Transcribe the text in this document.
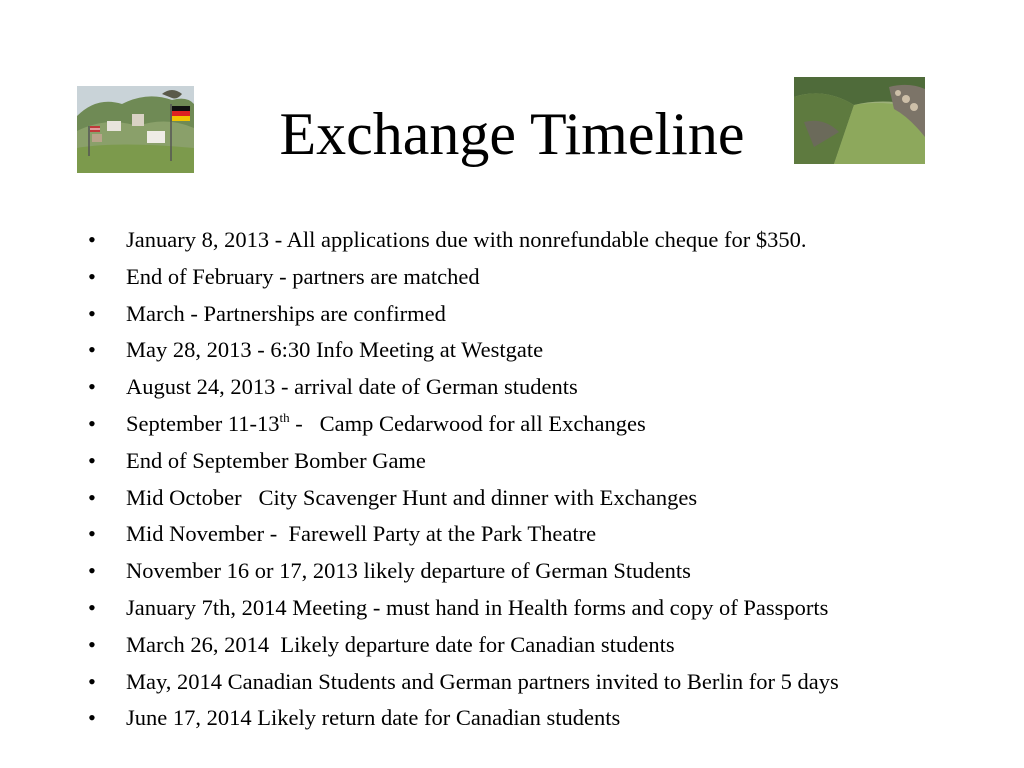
Exchange Timeline
• January 8, 2013 - All applications due with nonrefundable cheque for $350.
• End of February - partners are matched
• March - Partnerships are confirmed
• May 28, 2013 - 6:30 Info Meeting at Westgate
• August 24, 2013 - arrival date of German students
• September 11-13th -   Camp Cedarwood for all Exchanges
• End of September Bomber Game
• Mid October   City Scavenger Hunt and dinner with Exchanges
• Mid November -  Farewell Party at the Park Theatre
• November 16 or 17, 2013 likely departure of German Students
• January 7th, 2014 Meeting - must hand in Health forms and copy of Passports
• March 26, 2014  Likely departure date for Canadian students
• May, 2014 Canadian Students and German partners invited to Berlin for 5 days
• June 17, 2014 Likely return date for Canadian students
